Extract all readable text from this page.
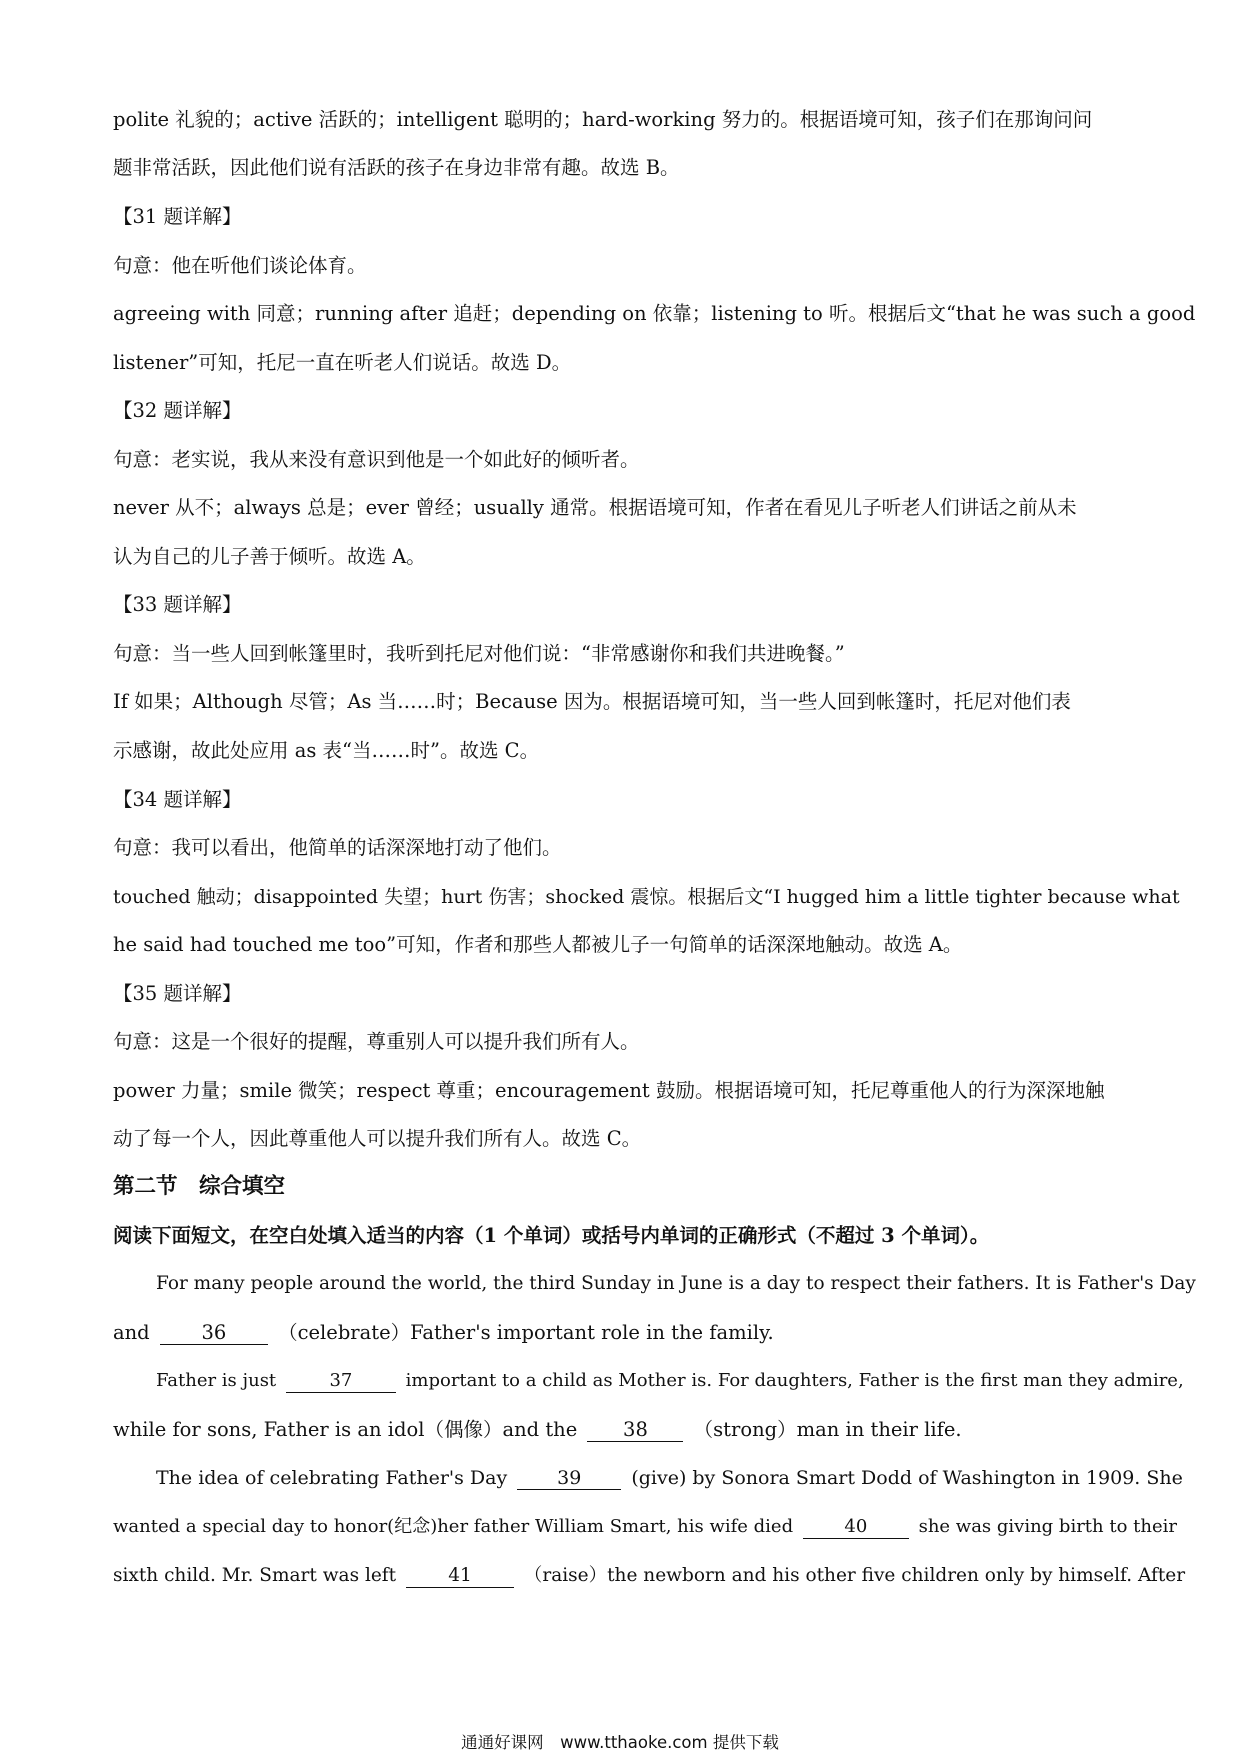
polite 礼貌的；active 活跃的；intelligent 聪明的；hard-working 努力的。根据语境可知，孩子们在那询问问
题非常活跃，因此他们说有活跃的孩子在身边非常有趣。故选 B。
【31 题详解】
句意：他在听他们谈论体育。
agreeing with 同意；running after 追赶；depending on 依靠；listening to 听。根据后文“that he was such a good
listener”可知，托尼一直在听老人们说话。故选 D。
【32 题详解】
句意：老实说，我从来没有意识到他是一个如此好的倾听者。
never 从不；always 总是；ever 曾经；usually 通常。根据语境可知，作者在看见儿子听老人们讲话之前从未
认为自己的儿子善于倾听。故选 A。
【33 题详解】
句意：当一些人回到帐篷里时，我听到托尼对他们说：“非常感谢你和我们共进晚餐。”
If 如果；Although 尽管；As 当……时；Because 因为。根据语境可知，当一些人回到帐篷时，托尼对他们表
示感谢，故此处应用 as 表“当……时”。故选 C。
【34 题详解】
句意：我可以看出，他简单的话深深地打动了他们。
touched 触动；disappointed 失望；hurt 伤害；shocked 震惊。根据后文“I hugged him a little tighter because what
he said had touched me too”可知，作者和那些人都被儿子一句简单的话深深地触动。故选 A。
【35 题详解】
句意：这是一个很好的提醒，尊重别人可以提升我们所有人。
power 力量；smile 微笑；respect 尊重；encouragement 鼓励。根据语境可知，托尼尊重他人的行为深深地触
动了每一个人，因此尊重他人可以提升我们所有人。故选 C。
第二节　综合填空
阅读下面短文，在空白处填入适当的内容（1 个单词）或括号内单词的正确形式（不超过 3 个单词）。
For many people around the world, the third Sunday in June is a day to respect their fathers. It is Father's Day
and	36	（celebrate）Father's important role in the family.
Father is just	37	important to a child as Mother is. For daughters, Father is the first man they admire,
while for sons, Father is an idol（偶像）and the 38 （strong）man in their life.
The idea of celebrating Father's Day	39	(give) by Sonora Smart Dodd of Washington in 1909. She
wanted a special day to honor(纪念)her father William Smart, his wife died	40	she was giving birth to their
sixth child. Mr. Smart was left	41	（raise）the newborn and his other five children only by himself. After
通通好课网　www.tthaoke.com 提供下载
